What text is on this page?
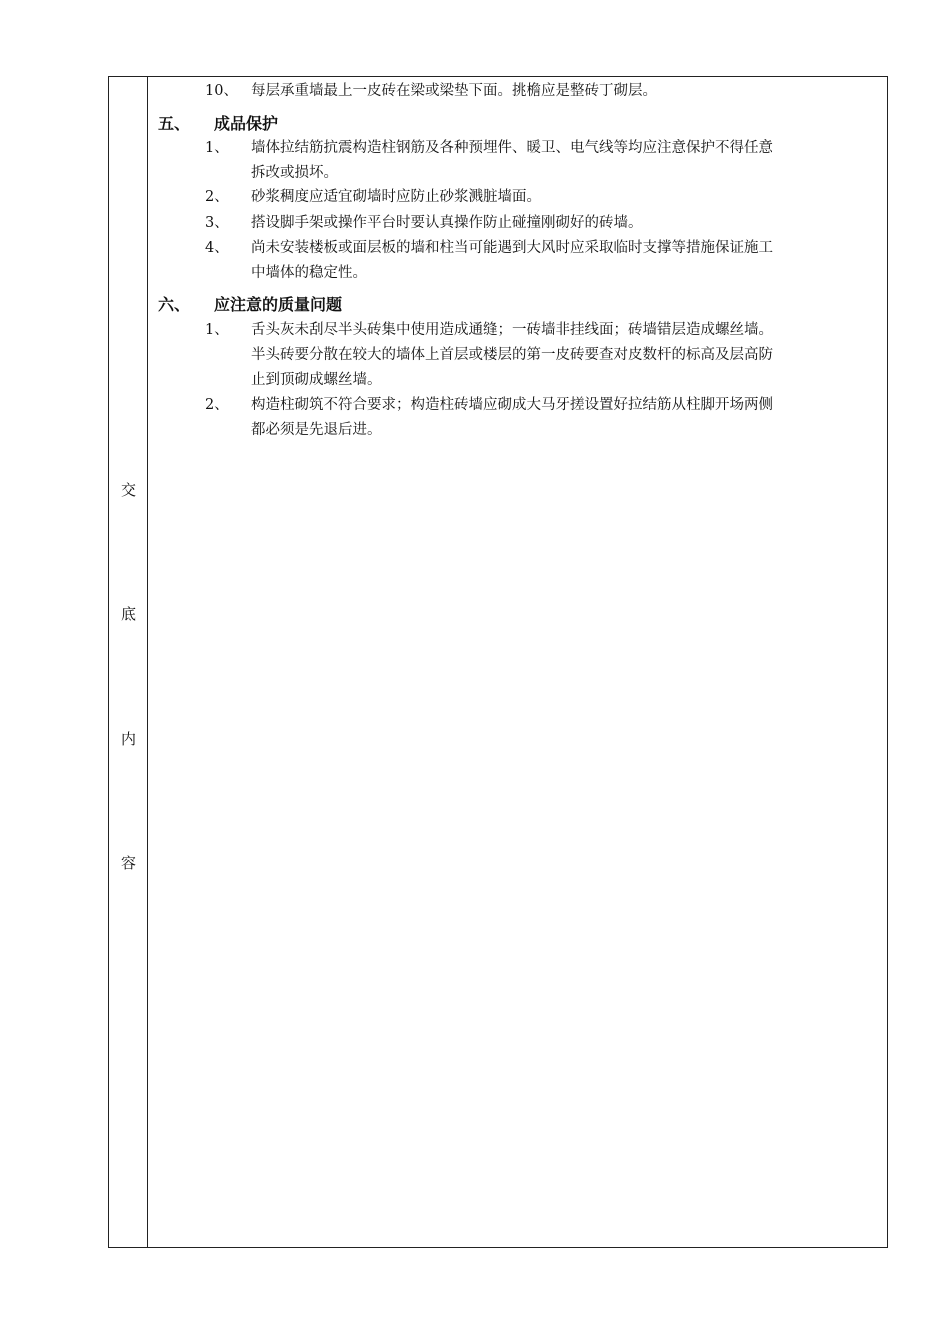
交
底
内
容
10、 每层承重墙最上一皮砖在梁或梁垫下面。挑檐应是整砖丁砌层。
五、 成品保护
1、 墙体拉结筋抗震构造柱钢筋及各种预埋件、暖卫、电气线等均应注意保护不得任意
拆改或损坏。
2、 砂浆稠度应适宜砌墙时应防止砂浆溅脏墙面。
3、 搭设脚手架或操作平台时要认真操作防止碰撞刚砌好的砖墙。
4、 尚未安装楼板或面层板的墙和柱当可能遇到大风时应采取临时支撑等措施保证施工
中墙体的稳定性。
六、 应注意的质量问题
1、 舌头灰未刮尽半头砖集中使用造成通缝；一砖墙非挂线面；砖墙错层造成螺丝墙。
半头砖要分散在较大的墙体上首层或楼层的第一皮砖要查对皮数杆的标高及层高防
止到顶砌成螺丝墙。
2、 构造柱砌筑不符合要求；构造柱砖墙应砌成大马牙搓设置好拉结筋从柱脚开场两侧
都必须是先退后进。
